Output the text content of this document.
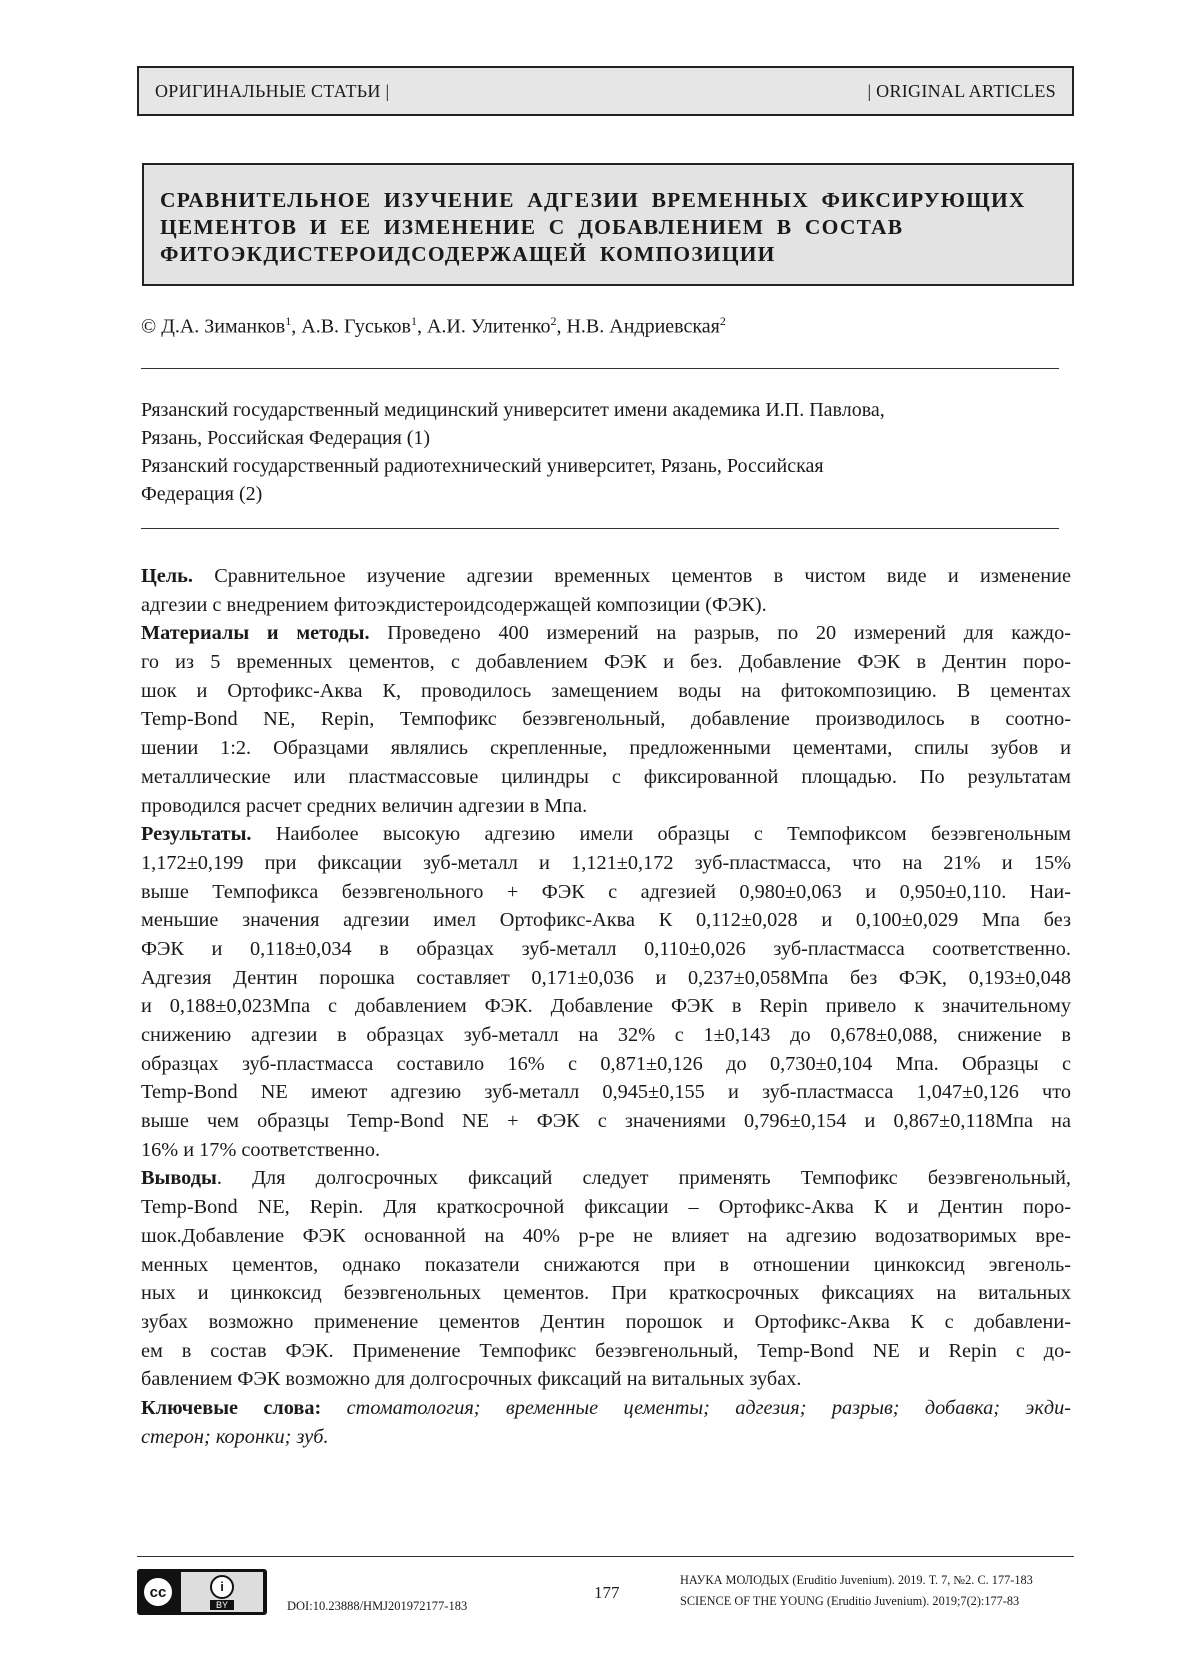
ОРИГИНАЛЬНЫЕ СТАТЬИ |	| ORIGINAL ARTICLES
СРАВНИТЕЛЬНОЕ ИЗУЧЕНИЕ АДГЕЗИИ ВРЕМЕННЫХ ФИКСИРУЮЩИХ
ЦЕМЕНТОВ И ЕЕ ИЗМЕНЕНИЕ С ДОБАВЛЕНИЕМ В СОСТАВ
ФИТОЭКДИСТЕРОИДСОДЕРЖАЩЕЙ КОМПОЗИЦИИ
© Д.А. Зиманков$^1$, А.В. Гуськов$^1$, А.И. Улитенко$^2$, Н.В. Андриевская$^2$
Рязанский государственный медицинский университет имени академика И.П. Павлова,
Рязань, Российская Федерация (1)
Рязанский государственный радиотехнический университет, Рязань, Российская
Федерация (2)
Цель. Сравнительное изучение адгезии временных цементов в чистом виде и изменение
адгезии с внедрением фитоэкдистероидсодержащей композиции (ФЭК).
Материалы и методы. Проведено 400 измерений на разрыв, по 20 измерений для каждо-
го из 5 временных цементов, с добавлением ФЭК и без. Добавление ФЭК в Дентин поро-
шок и Ортофикс-Аква К, проводилось замещением воды на фитокомпозицию. В цементах
Temp-Bond NE, Repin, Темпофикс безэвгенольный, добавление производилось в соотно-
шении 1:2. Образцами являлись скрепленные, предложенными цементами, спилы зубов и
металлические или пластмассовые цилиндры с фиксированной площадью. По результатам
проводился расчет средних величин адгезии в Мпа.
Результаты. Наиболее высокую адгезию имели образцы с Темпофиксом безэвгенольным
1,172±0,199 при фиксации зуб-металл и 1,121±0,172 зуб-пластмасса, что на 21% и 15%
выше Темпофикса безэвгенольного + ФЭК с адгезией 0,980±0,063 и 0,950±0,110. Наи-
меньшие значения адгезии имел Ортофикс-Аква К 0,112±0,028 и 0,100±0,029 Мпа без
ФЭК и 0,118±0,034 в образцах зуб-металл 0,110±0,026 зуб-пластмасса соответственно.
Адгезия Дентин порошка составляет 0,171±0,036 и 0,237±0,058Мпа без ФЭК, 0,193±0,048
и 0,188±0,023Мпа с добавлением ФЭК. Добавление ФЭК в Repin привело к значительному
снижению адгезии в образцах зуб-металл на 32% с 1±0,143 до 0,678±0,088, снижение в
образцах зуб-пластмасса составило 16% с 0,871±0,126 до 0,730±0,104 Мпа. Образцы с
Temp-Bond NE имеют адгезию зуб-металл 0,945±0,155 и зуб-пластмасса 1,047±0,126 что
выше чем образцы Temp-Bond NE + ФЭК с значениями 0,796±0,154 и 0,867±0,118Мпа на
16% и 17% соответственно.
Выводы. Для долгосрочных фиксаций следует применять Темпофикс безэвгенольный,
Temp-Bond NE, Repin. Для краткосрочной фиксации – Ортофикс-Аква К и Дентин поро-
шок.Добавление ФЭК основанной на 40% р-ре не влияет на адгезию водозатворимых вре-
менных цементов, однако показатели снижаются при в отношении цинкоксид эвгеноль-
ных и цинкоксид безэвгенольных цементов. При краткосрочных фиксациях на витальных
зубах возможно применение цементов Дентин порошок и Ортофикс-Аква К с добавлени-
ем в состав ФЭК. Применение Темпофикс безэвгенольный, Temp-Bond NE и Repin с до-
бавлением ФЭК возможно для долгосрочных фиксаций на витальных зубах.
Ключевые слова: стоматология; временные цементы; адгезия; разрыв; добавка; экди-
стерон; коронки; зуб.
cc	i
BY	DOI:10.23888/HMJ201972177-183
177
НАУКА МОЛОДЫХ (Eruditio Juvenium). 2019. Т. 7, №2. С. 177-183
SCIENCE OF THE YOUNG (Eruditio Juvenium). 2019;7(2):177-83
